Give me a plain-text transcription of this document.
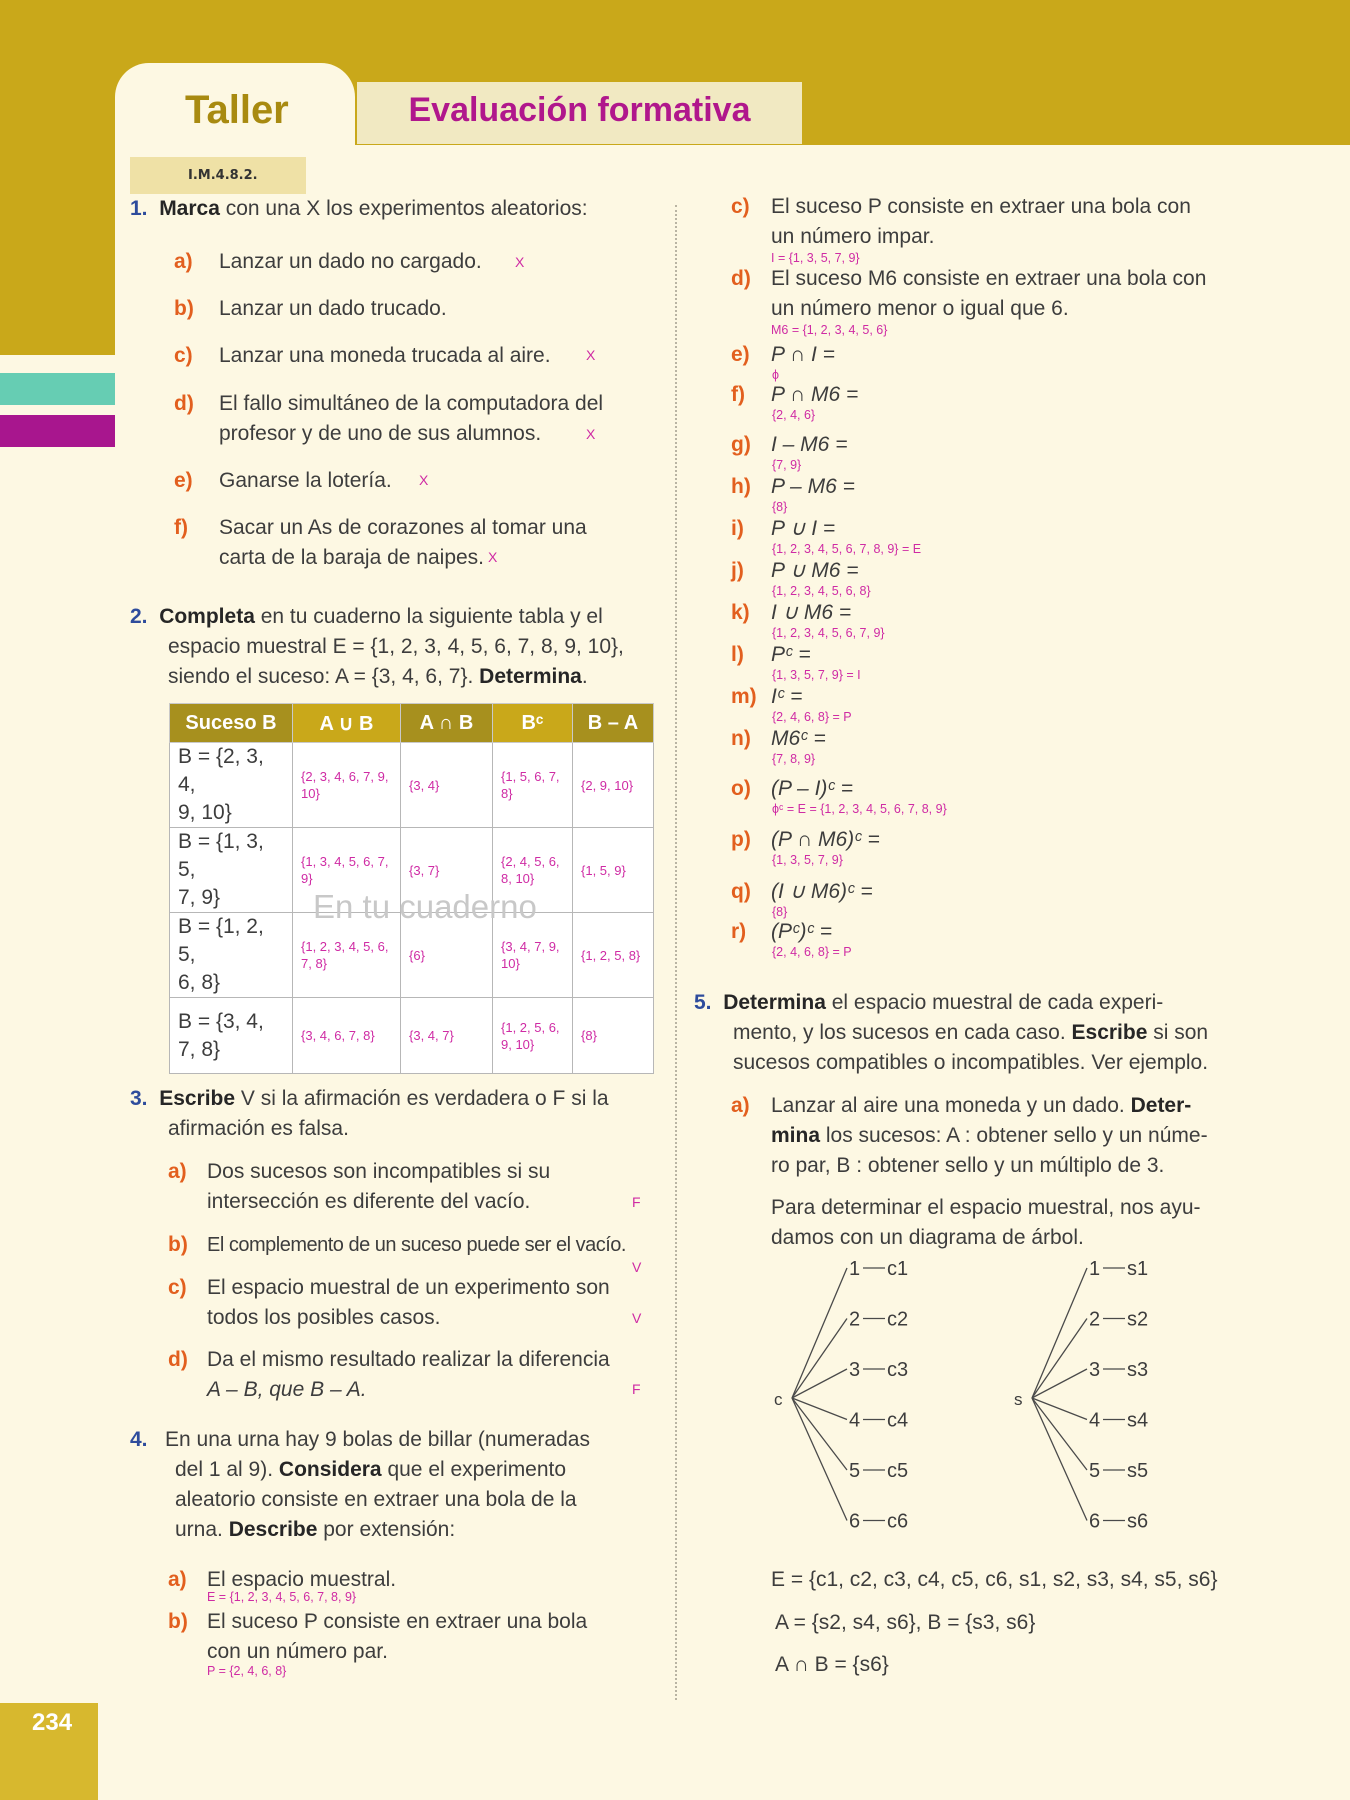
Taller	Evaluación formativa
I.M.4.8.2.
234
1. Marca con una X los experimentos aleatorios:
a) Lanzar un dado no cargado. X
b) Lanzar un dado trucado.
c) Lanzar una moneda trucada al aire.	X
d) El fallo simultáneo de la computadora del
profesor y de uno de sus alumnos.	X
e) Ganarse la lotería. X
f) Sacar un As de corazones al tomar una
carta de la baraja de naipes. X
2. Completa en tu cuaderno la siguiente tabla y el
espacio muestral E = {1, 2, 3, 4, 5, 6, 7, 8, 9, 10},
siendo el suceso: A = {3, 4, 6, 7}. Determina.
Suceso B	A ∪ B	A ∩ B	Bᶜ	B – A
B = {2, 3, 4,
9, 10}	{2, 3, 4, 6, 7, 9, 10}	{3, 4}	{1, 5, 6, 7, 8}	{2, 9, 10}
B = {1, 3, 5,
7, 9}	{1, 3, 4, 5, 6, 7, 9}	{3, 7}	{2, 4, 5, 6, 8, 10}	{1, 5, 9}
B = {1, 2, 5,
6, 8}	{1, 2, 3, 4, 5, 6, 7, 8}	{6}	{3, 4, 7, 9, 10}	{1, 2, 5, 8}
B = {3, 4,
7, 8}	{3, 4, 6, 7, 8}	{3, 4, 7}	{1, 2, 5, 6, 9, 10}	{8}
En tu cuaderno
3. Escribe V si la afirmación es verdadera o F si la
afirmación es falsa.
a) Dos sucesos son incompatibles si su
intersección es diferente del vacío.	F
b) El complemento de un suceso puede ser el vacío.
V
c) El espacio muestral de un experimento son
todos los posibles casos.	V
d) Da el mismo resultado realizar la diferencia
A – B, que B – A.	F
4. En una urna hay 9 bolas de billar (numeradas
del 1 al 9). Considera que el experimento
aleatorio consiste en extraer una bola de la
urna. Describe por extensión:
a) El espacio muestral.
E = {1, 2, 3, 4, 5, 6, 7, 8, 9}
b) El suceso P consiste en extraer una bola
con un número par.
P = {2, 4, 6, 8}
c) El suceso P consiste en extraer una bola con
un número impar.
I = {1, 3, 5, 7, 9}
d) El suceso M6 consiste en extraer una bola con
un número menor o igual que 6.
M6 = {1, 2, 3, 4, 5, 6}
e) P ∩ I =
ϕ
f) P ∩ M6 =
{2, 4, 6}
g) I – M6 =
{7, 9}
h) P – M6 =
{8}
i) P ∪ I =
{1, 2, 3, 4, 5, 6, 7, 8, 9} = E
j) P ∪ M6 =
{1, 2, 3, 4, 5, 6, 8}
k) I ∪ M6 =
{1, 2, 3, 4, 5, 6, 7, 9}
l) Pᶜ =
{1, 3, 5, 7, 9} = I
m) Iᶜ =
{2, 4, 6, 8} = P
n) M6ᶜ =
{7, 8, 9}
o) (P – I)ᶜ =
ϕᶜ = E = {1, 2, 3, 4, 5, 6, 7, 8, 9}
p) (P ∩ M6)ᶜ =
{1, 3, 5, 7, 9}
q) (I ∪ M6)ᶜ =
{8}
r) (Pᶜ)ᶜ =
{2, 4, 6, 8} = P
5. Determina el espacio muestral de cada experi-
mento, y los sucesos en cada caso. Escribe si son
sucesos compatibles o incompatibles. Ver ejemplo.
a) Lanzar al aire una moneda y un dado. Deter-
mina los sucesos: A : obtener sello y un núme-
ro par, B : obtener sello y un múltiplo de 3.
Para determinar el espacio muestral, nos ayu-
damos con un diagrama de árbol.
c
1 c1
2 c2
3 c3
4 c4
5 c5
6 c6
s
1 s1
2 s2
3 s3
4 s4
5 s5
6 s6
E = {c1, c2, c3, c4, c5, c6, s1, s2, s3, s4, s5, s6}
A = {s2, s4, s6}, B = {s3, s6}
A ∩ B = {s6}
